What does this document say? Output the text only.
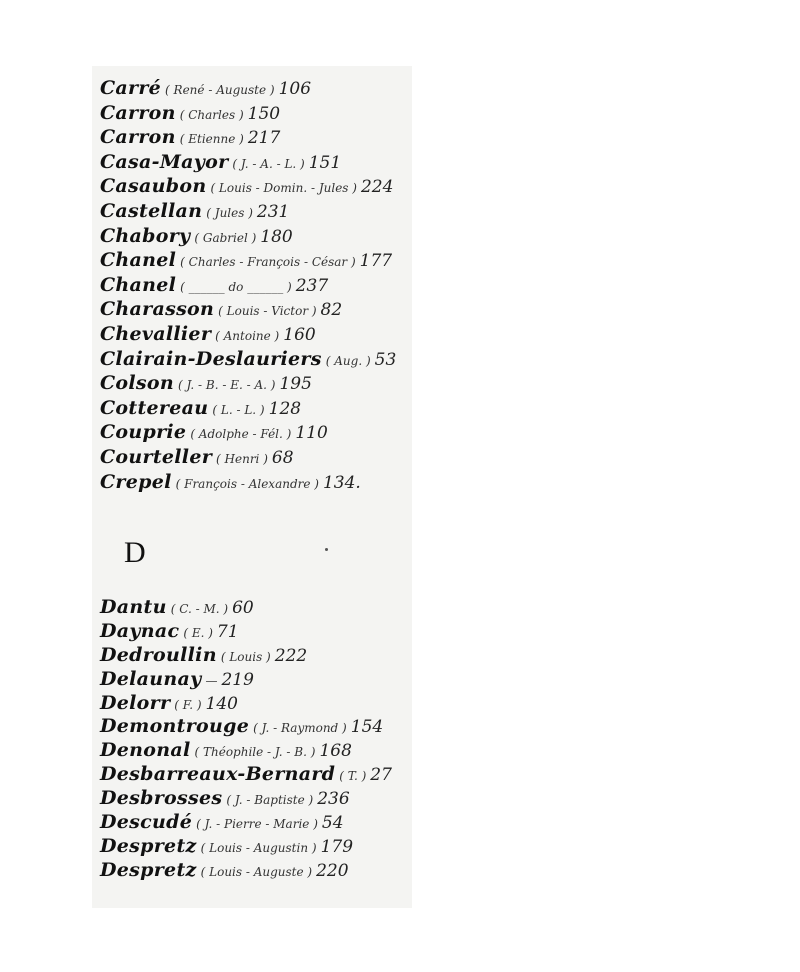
Carré ( René - Auguste ) 106
Carron ( Charles ) 150
Carron ( Etienne ) 217
Casa-Mayor ( J. - A. - L. ) 151
Casaubon ( Louis - Domin. - Jules ) 224
Castellan ( Jules ) 231
Chabory ( Gabriel ) 180
Chanel ( Charles - François - César ) 177
Chanel ( ______ do ______ ) 237
Charasson ( Louis - Victor ) 82
Chevallier ( Antoine ) 160
Clairain-Deslauriers ( Aug. ) 53
Colson ( J. - B. - E. - A. ) 195
Cottereau ( L. - L. ) 128
Couprie ( Adolphe - Fél. ) 110
Courteller ( Henri ) 68
Crepel ( François - Alexandre ) 134.
D
Dantu ( C. - M. ) 60
Daynac ( E. ) 71
Dedroullin ( Louis ) 222
Delaunay — 219
Delorr ( F. ) 140
Demontrouge ( J. - Raymond ) 154
Denonal ( Théophile - J. - B. ) 168
Desbarreaux-Bernard ( T. ) 27
Desbrosses ( J. - Baptiste ) 236
Descudé ( J. - Pierre - Marie ) 54
Despretz ( Louis - Augustin ) 179
Despretz ( Louis - Auguste ) 220
